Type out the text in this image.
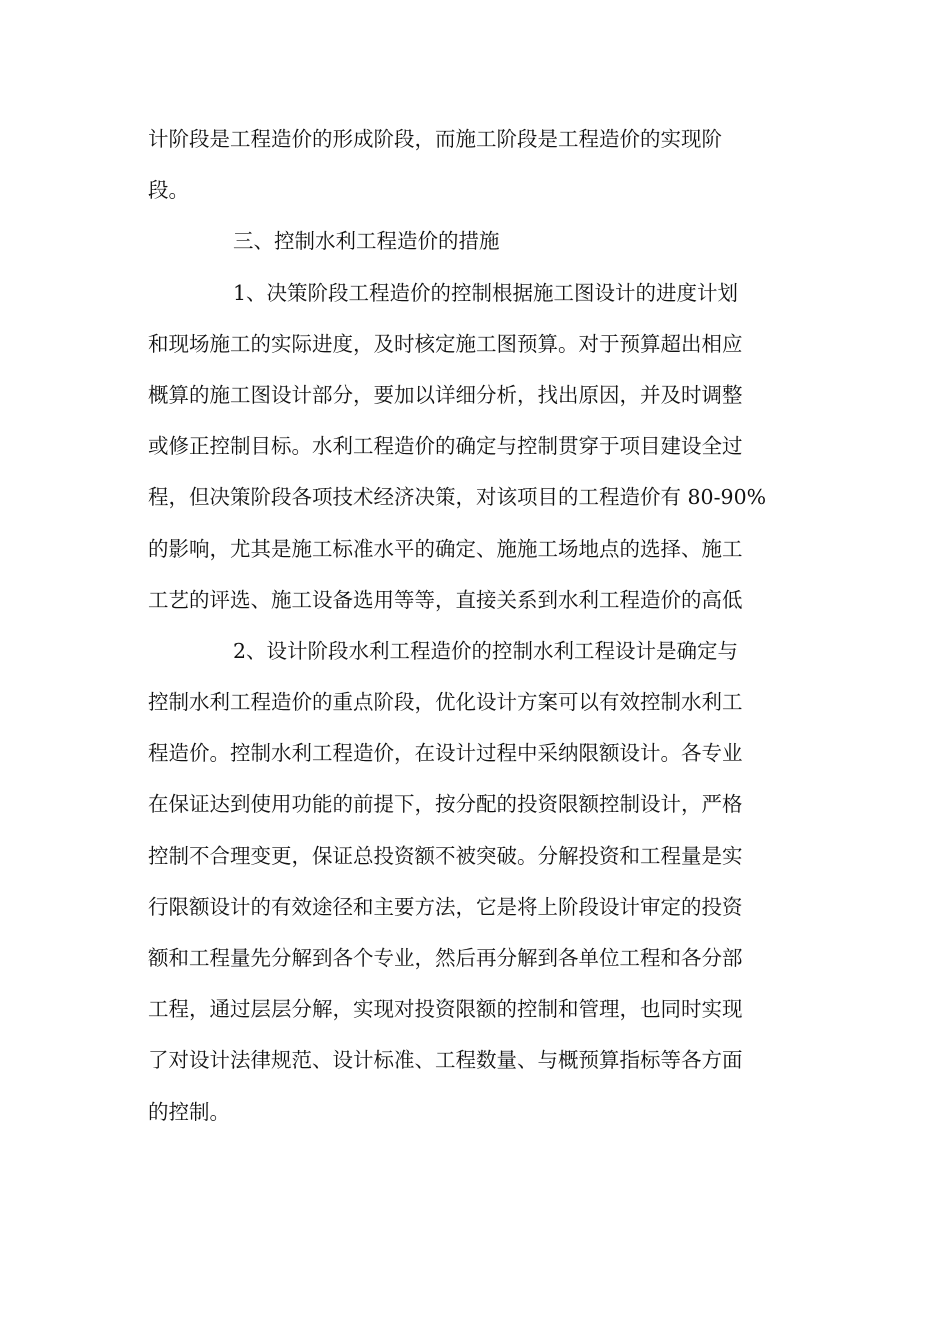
计阶段是工程造价的形成阶段，而施工阶段是工程造价的实现阶
段。
三、控制水利工程造价的措施
1、决策阶段工程造价的控制根据施工图设计的进度计划
和现场施工的实际进度，及时核定施工图预算。对于预算超出相应
概算的施工图设计部分，要加以详细分析，找出原因，并及时调整
或修正控制目标。水利工程造价的确定与控制贯穿于项目建设全过
程，但决策阶段各项技术经济决策，对该项目的工程造价有 80-90%
的影响，尤其是施工标准水平的确定、施施工场地点的选择、施工
工艺的评选、施工设备选用等等，直接关系到水利工程造价的高低
2、设计阶段水利工程造价的控制水利工程设计是确定与
控制水利工程造价的重点阶段，优化设计方案可以有效控制水利工
程造价。控制水利工程造价，在设计过程中采纳限额设计。各专业
在保证达到使用功能的前提下，按分配的投资限额控制设计，严格
控制不合理变更，保证总投资额不被突破。分解投资和工程量是实
行限额设计的有效途径和主要方法，它是将上阶段设计审定的投资
额和工程量先分解到各个专业，然后再分解到各单位工程和各分部
工程，通过层层分解，实现对投资限额的控制和管理，也同时实现
了对设计法律规范、设计标准、工程数量、与概预算指标等各方面
的控制。
